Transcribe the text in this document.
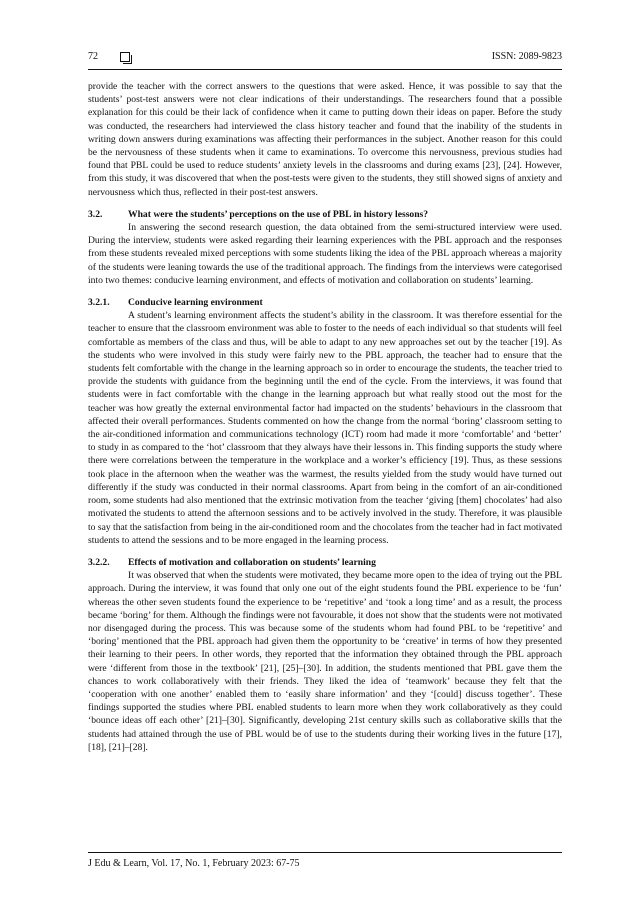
72	ISSN: 2089-9823

provide the teacher with the correct answers to the questions that were asked. Hence, it was possible to say that the students’ post-test answers were not clear indications of their understandings. The researchers found that a possible explanation for this could be their lack of confidence when it came to putting down their ideas on paper. Before the study was conducted, the researchers had interviewed the class history teacher and found that the inability of the students in writing down answers during examinations was affecting their performances in the subject. Another reason for this could be the nervousness of these students when it came to examinations. To overcome this nervousness, previous studies had found that PBL could be used to reduce students’ anxiety levels in the classrooms and during exams [23], [24]. However, from this study, it was discovered that when the post-tests were given to the students, they still showed signs of anxiety and nervousness which thus, reflected in their post-test answers.

3.2.	What were the students’ perceptions on the use of PBL in history lessons?

In answering the second research question, the data obtained from the semi-structured interview were used. During the interview, students were asked regarding their learning experiences with the PBL approach and the responses from these students revealed mixed perceptions with some students liking the idea of the PBL approach whereas a majority of the students were leaning towards the use of the traditional approach. The findings from the interviews were categorised into two themes: conducive learning environment, and effects of motivation and collaboration on students’ learning.

3.2.1. Conducive learning environment

A student’s learning environment affects the student’s ability in the classroom. It was therefore essential for the teacher to ensure that the classroom environment was able to foster to the needs of each individual so that students will feel comfortable as members of the class and thus, will be able to adapt to any new approaches set out by the teacher [19]. As the students who were involved in this study were fairly new to the PBL approach, the teacher had to ensure that the students felt comfortable with the change in the learning approach so in order to encourage the students, the teacher tried to provide the students with guidance from the beginning until the end of the cycle. From the interviews, it was found that students were in fact comfortable with the change in the learning approach but what really stood out the most for the teacher was how greatly the external environmental factor had impacted on the students’ behaviours in the classroom that affected their overall performances. Students commented on how the change from the normal ‘boring’ classroom setting to the air-conditioned information and communications technology (ICT) room had made it more ‘comfortable’ and ‘better’ to study in as compared to the ‘hot’ classroom that they always have their lessons in. This finding supports the study where there were correlations between the temperature in the workplace and a worker’s efficiency [19]. Thus, as these sessions took place in the afternoon when the weather was the warmest, the results yielded from the study would have turned out differently if the study was conducted in their normal classrooms. Apart from being in the comfort of an air-conditioned room, some students had also mentioned that the extrinsic motivation from the teacher ‘giving [them] chocolates’ had also motivated the students to attend the afternoon sessions and to be actively involved in the study. Therefore, it was plausible to say that the satisfaction from being in the air-conditioned room and the chocolates from the teacher had in fact motivated students to attend the sessions and to be more engaged in the learning process.

3.2.2. Effects of motivation and collaboration on students’ learning

It was observed that when the students were motivated, they became more open to the idea of trying out the PBL approach. During the interview, it was found that only one out of the eight students found the PBL experience to be ‘fun’ whereas the other seven students found the experience to be ‘repetitive’ and ‘took a long time’ and as a result, the process became ‘boring’ for them. Although the findings were not favourable, it does not show that the students were not motivated nor disengaged during the process. This was because some of the students whom had found PBL to be ‘repetitive’ and ‘boring’ mentioned that the PBL approach had given them the opportunity to be ‘creative’ in terms of how they presented their learning to their peers. In other words, they reported that the information they obtained through the PBL approach were ‘different from those in the textbook’ [21], [25]–[30]. In addition, the students mentioned that PBL gave them the chances to work collaboratively with their friends. They liked the idea of ‘teamwork’ because they felt that the ‘cooperation with one another’ enabled them to ‘easily share information’ and they ‘[could] discuss together’. These findings supported the studies where PBL enabled students to learn more when they work collaboratively as they could ‘bounce ideas off each other’ [21]–[30]. Significantly, developing 21st century skills such as collaborative skills that the students had attained through the use of PBL would be of use to the students during their working lives in the future [17], [18], [21]–[28].

J Edu & Learn, Vol. 17, No. 1, February 2023: 67-75
